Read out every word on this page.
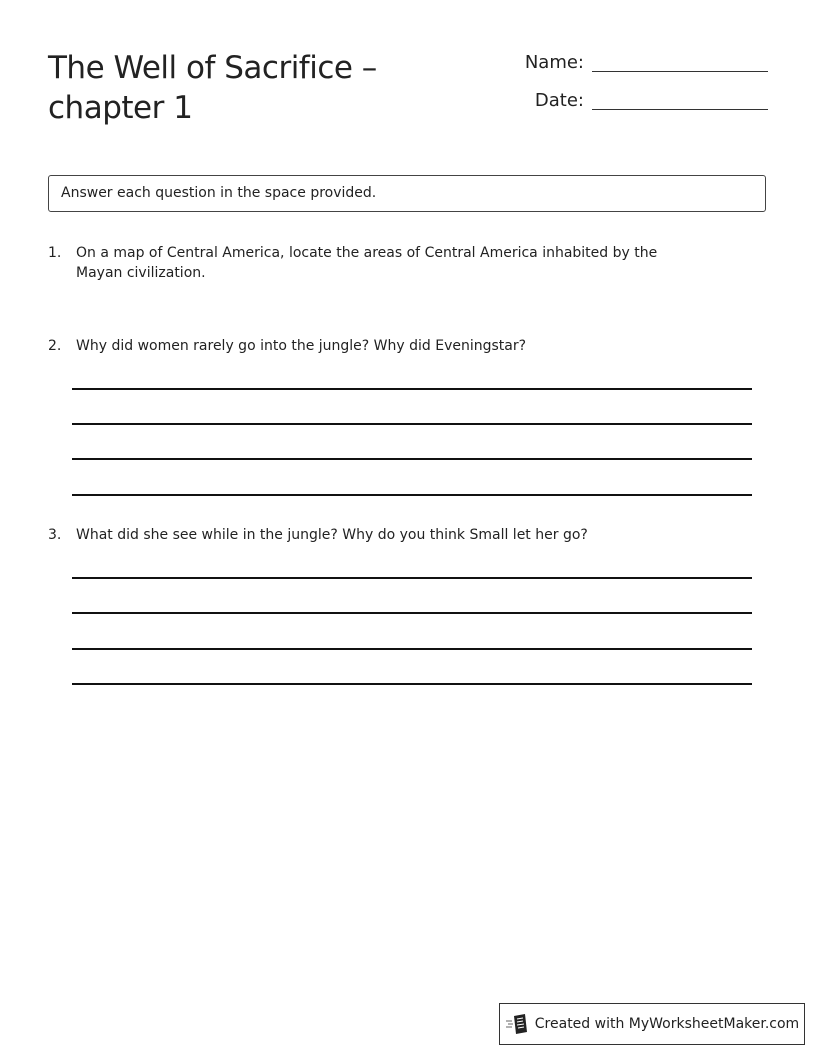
The Well of Sacrifice –
chapter 1
Name:
Date:
Answer each question in the space provided.
1.	On a map of Central America, locate the areas of Central America inhabited by the Mayan civilization.
2.	Why did women rarely go into the jungle? Why did Eveningstar?
3.	What did she see while in the jungle? Why do you think Small let her go?
Created with MyWorksheetMaker.com
